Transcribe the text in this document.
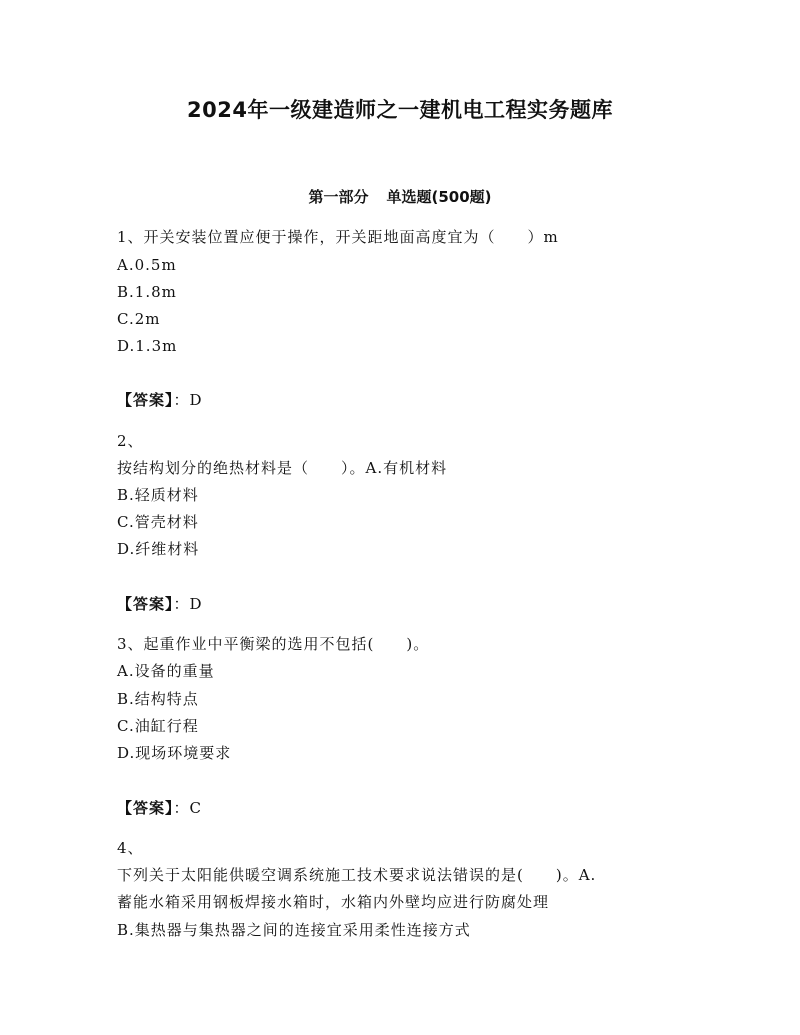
2024年一级建造师之一建机电工程实务题库
第一部分 单选题(500题)
1、开关安装位置应便于操作，开关距地面高度宜为（　　）m
A.0.5m
B.1.8m
C.2m
D.1.3m
【答案】：D
2、
按结构划分的绝热材料是（　　）。A.有机材料
B.轻质材料
C.管壳材料
D.纤维材料
【答案】：D
3、起重作业中平衡梁的选用不包括(　　)。
A.设备的重量
B.结构特点
C.油缸行程
D.现场环境要求
【答案】：C
4、
下列关于太阳能供暖空调系统施工技术要求说法错误的是(　　)。A.
蓄能水箱采用钢板焊接水箱时，水箱内外壁均应进行防腐处理
B.集热器与集热器之间的连接宜采用柔性连接方式
